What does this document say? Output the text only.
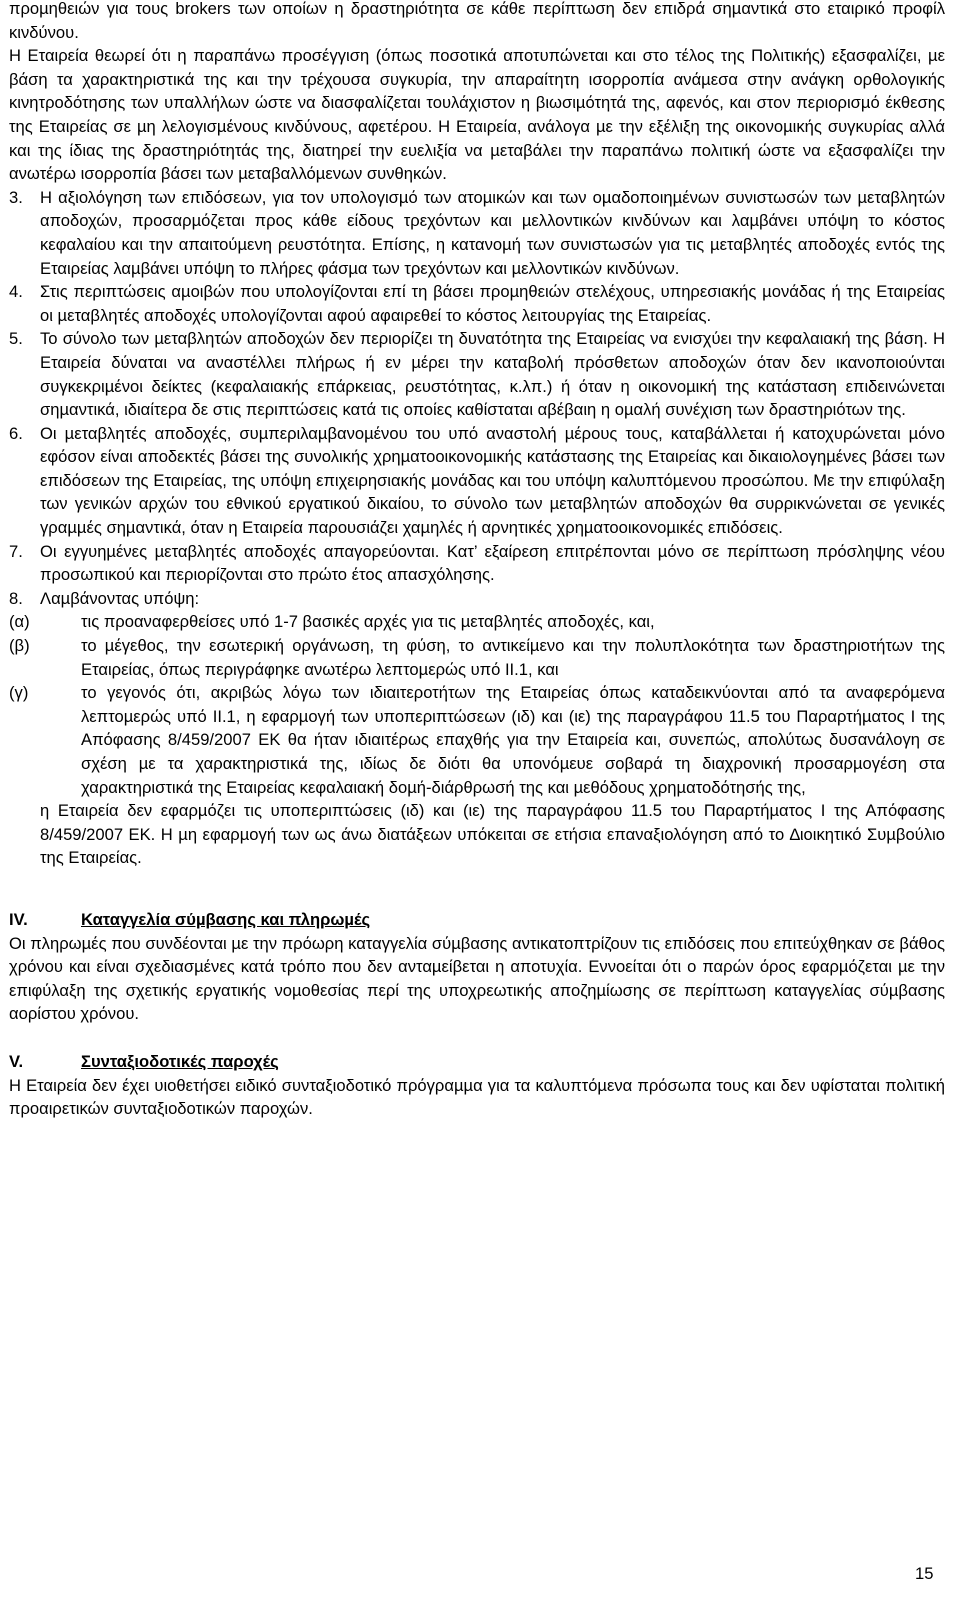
προµηθειών για τους brokers των οποίων η δραστηριότητα σε κάθε περίπτωση δεν επιδρά σηµαντικά στο εταιρικό προφίλ κινδύνου.

Η Εταιρεία θεωρεί ότι η παραπάνω προσέγγιση (όπως ποσοτικά αποτυπώνεται και στο τέλος της Πολιτικής) εξασφαλίζει, µε βάση τα χαρακτηριστικά της και την τρέχουσα συγκυρία, την απαραίτητη ισορροπία ανάµεσα στην ανάγκη ορθολογικής κινητροδότησης των υπαλλήλων ώστε να διασφαλίζεται τουλάχιστον η βιωσιµότητά της, αφενός, και στον περιορισµό έκθεσης της Εταιρείας σε µη λελογισµένους κινδύνους, αφετέρου. Η Εταιρεία, ανάλογα µε την εξέλιξη της οικονοµικής συγκυρίας αλλά και της ίδιας της δραστηριότητάς της, διατηρεί την ευελιξία να µεταβάλει την παραπάνω πολιτική ώστε να εξασφαλίζει την ανωτέρω ισορροπία βάσει των µεταβαλλόµενων συνθηκών.

3.	Η αξιολόγηση των επιδόσεων, για τον υπολογισµό των ατοµικών και των οµαδοποιηµένων συνιστωσών των µεταβλητών αποδοχών, προσαρµόζεται προς κάθε είδους τρεχόντων και µελλοντικών κινδύνων και λαµβάνει υπόψη το κόστος κεφαλαίου και την απαιτούµενη ρευστότητα. Επίσης, η κατανοµή των συνιστωσών για τις µεταβλητές αποδοχές εντός της Εταιρείας λαµβάνει υπόψη το πλήρες φάσµα των τρεχόντων και µελλοντικών κινδύνων.
4.	Στις περιπτώσεις αµοιβών που υπολογίζονται επί τη βάσει προµηθειών στελέχους, υπηρεσιακής µονάδας ή της Εταιρείας οι µεταβλητές αποδοχές υπολογίζονται αφού αφαιρεθεί το κόστος λειτουργίας της Εταιρείας.
5.	Το σύνολο των µεταβλητών αποδοχών δεν περιορίζει τη δυνατότητα της Εταιρείας να ενισχύει την κεφαλαιακή της βάση. Η Εταιρεία δύναται να αναστέλλει πλήρως ή εν µέρει την καταβολή πρόσθετων αποδοχών όταν δεν ικανοποιούνται συγκεκριµένοι δείκτες (κεφαλαιακής επάρκειας, ρευστότητας, κ.λπ.) ή όταν η οικονοµική της κατάσταση επιδεινώνεται σηµαντικά, ιδιαίτερα δε στις περιπτώσεις κατά τις οποίες καθίσταται αβέβαιη η οµαλή συνέχιση των δραστηριότων της.
6.	Οι µεταβλητές αποδοχές, συµπεριλαµβανοµένου του υπό αναστολή µέρους τους, καταβάλλεται ή κατοχυρώνεται µόνο εφόσον είναι αποδεκτές βάσει της συνολικής χρηµατοοικονοµικής κατάστασης της Εταιρείας και δικαιολογηµένες βάσει των επιδόσεων της Εταιρείας, της υπόψη επιχειρησιακής µονάδας και του υπόψη καλυπτόµενου προσώπου. Με την επιφύλαξη των γενικών αρχών του εθνικού εργατικού δικαίου, το σύνολο των µεταβλητών αποδοχών θα συρρικνώνεται σε γενικές γραµµές σηµαντικά, όταν η Εταιρεία παρουσιάζει χαµηλές ή αρνητικές χρηµατοοικονοµικές επιδόσεις.
7.	Οι εγγυηµένες µεταβλητές αποδοχές απαγορεύονται. Κατ’ εξαίρεση επιτρέπονται µόνο σε περίπτωση πρόσληψης νέου προσωπικού και περιορίζονται στο πρώτο έτος απασχόλησης.
8.	Λαµβάνοντας υπόψη:
(α)	τις προαναφερθείσες υπό 1-7 βασικές αρχές για τις µεταβλητές αποδοχές, και,
(β)	το µέγεθος, την εσωτερική οργάνωση, τη φύση, το αντικείµενο και την πολυπλοκότητα των δραστηριοτήτων της Εταιρείας, όπως περιγράφηκε ανωτέρω λεπτοµερώς υπό ΙΙ.1, και
(γ)	το γεγονός ότι, ακριβώς λόγω των ιδιαιτεροτήτων της Εταιρείας όπως καταδεικνύονται από τα αναφερόµενα λεπτοµερώς υπό ΙΙ.1, η εφαρµογή των υποπεριπτώσεων (ιδ) και (ιε) της παραγράφου 11.5 του Παραρτήµατος Ι της Απόφασης 8/459/2007 ΕΚ θα ήταν ιδιαιτέρως επαχθής για την Εταιρεία και, συνεπώς, απολύτως δυσανάλογη σε σχέση µε τα χαρακτηριστικά της, ιδίως δε διότι θα υπονόµευε σοβαρά τη διαχρονική προσαρµογέση στα χαρακτηριστικά της Εταιρείας κεφαλαιακή δοµή-διάρθρωσή της και µεθόδους χρηµατοδότησής της,

η Εταιρεία δεν εφαρµόζει τις υποπεριπτώσεις (ιδ) και (ιε) της παραγράφου 11.5 του Παραρτήµατος Ι της Απόφασης 8/459/2007 ΕΚ. Η µη εφαρµογή των ως άνω διατάξεων υπόκειται σε ετήσια επαναξιολόγηση από το ∆ιοικητικό Συµβούλιο της Εταιρείας.

IV.	Καταγγελία σύµβασης και πληρωµές

Οι πληρωµές που συνδέονται µε την πρόωρη καταγγελία σύµβασης αντικατοπτρίζουν τις επιδόσεις που επιτεύχθηκαν σε βάθος χρόνου και είναι σχεδιασµένες κατά τρόπο που δεν ανταµείβεται η αποτυχία. Εννοείται ότι ο παρών όρος εφαρµόζεται µε την επιφύλαξη της σχετικής εργατικής νοµοθεσίας περί της υποχρεωτικής αποζηµίωσης σε περίπτωση καταγγελίας σύµβασης αορίστου χρόνου.

V.	Συνταξιοδοτικές παροχές

Η Εταιρεία δεν έχει υιοθετήσει ειδικό συνταξιοδοτικό πρόγραµµα για τα καλυπτόµενα πρόσωπα τους και δεν υφίσταται πολιτική προαιρετικών συνταξιοδοτικών παροχών.

15
